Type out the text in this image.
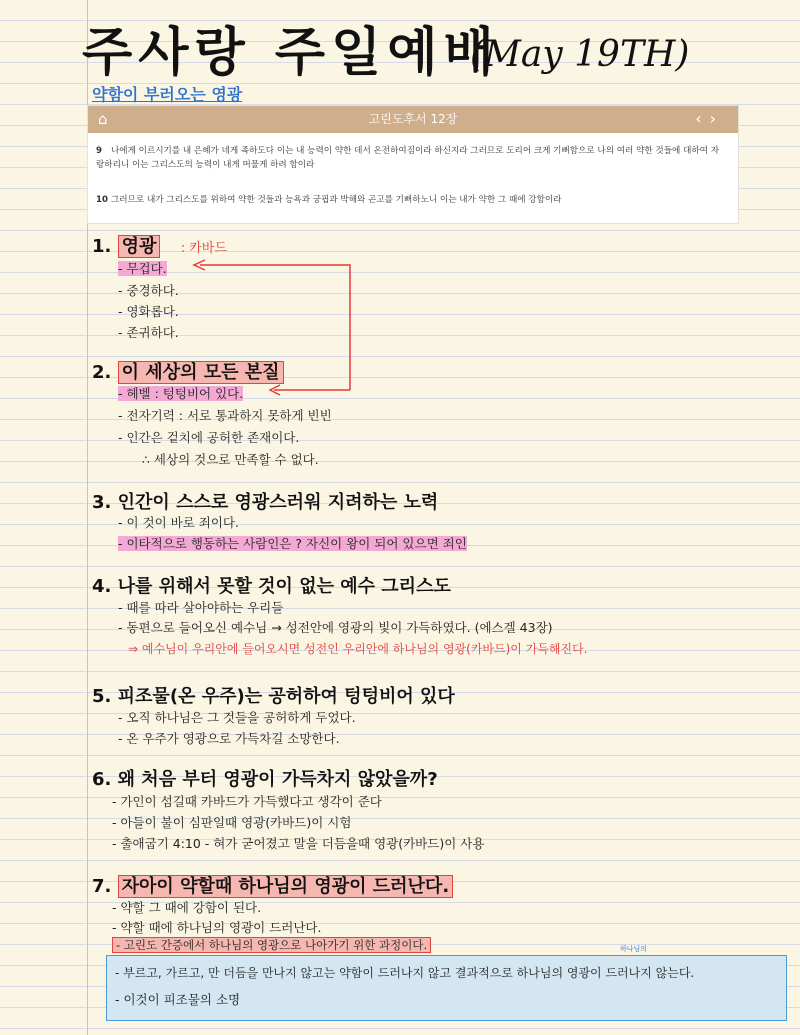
주사랑 주일예배
(May 19TH)
약함이 부러오는 영광
⌂	고린도후서 12장	‹›
9 나에게 이르시기를 내 은혜가 네게 족하도다 이는 내 능력이 약한 데서 온전하여짐이라 하신지라 그러므로 도리어 크게 기뻐함으로 나의 여러 약한 것들에 대하여 자랑하리니 이는 그리스도의 능력이 내게 머물게 하려 함이라
10 그러므로 내가 그리스도를 위하여 약한 것들과 능욕과 궁핍과 박해와 곤고를 기뻐하노니 이는 내가 약한 그 때에 강함이라
1. 영광 : 카바드
- 무겁다.
- 중경하다.
- 영화롭다.
- 존귀하다.
2. 이 세상의 모든 본질
- 헤벨 : 텅텅비어 있다.
- 전자기력 : 서로 통과하지 못하게 빈빈
- 인간은 겉치에 공허한 존재이다.
∴ 세상의 것으로 만족할 수 없다.
3. 인간이 스스로 영광스러워 지려하는 노력
- 이 것이 바로 죄이다.
- 이타적으로 행동하는 사람인은 ? 자신이 왕이 되어 있으면 죄인
4. 나를 위해서 못할 것이 없는 예수 그리스도
- 때를 따라 살아야하는 우리들
- 동편으로 들어오신 예수님 → 성전안에 영광의 빛이 가득하였다. (에스겔 43장)
⇒ 예수님이 우리안에 들어오시면 성전인 우리안에 하나님의 영광(카바드)이 가득해진다.
5. 피조물(온 우주)는 공허하여 텅텅비어 있다
- 오직 하나님은 그 것들을 공허하게 두었다.
- 온 우주가 영광으로 가득차길 소망한다.
6. 왜 처음 부터 영광이 가득차지 않았을까?
- 가인이 섬길때 카바드가 가득했다고 생각이 준다
- 아들이 불이 심판일때 영광(카바드)이 시험
- 출애굽기 4:10 - 혀가 굳어졌고 말을 더듬을때 영광(카바드)이 사용
7. 자아이 약할때 하나님의 영광이 드러난다.
- 약할 그 때에 강함이 된다.
- 약할 때에 하나님의 영광이 드러난다.
- 고린도 간증에서 하나님의 영광으로 나아가기 위한 과정이다.
- 부르고, 가르고, 만 더듬을 만나지 않고는 약함이 드러나지 않고 결과적으로 하나님의 영광이 드러나지 않는다.
- 이것이 피조물의 소명
하나님의
